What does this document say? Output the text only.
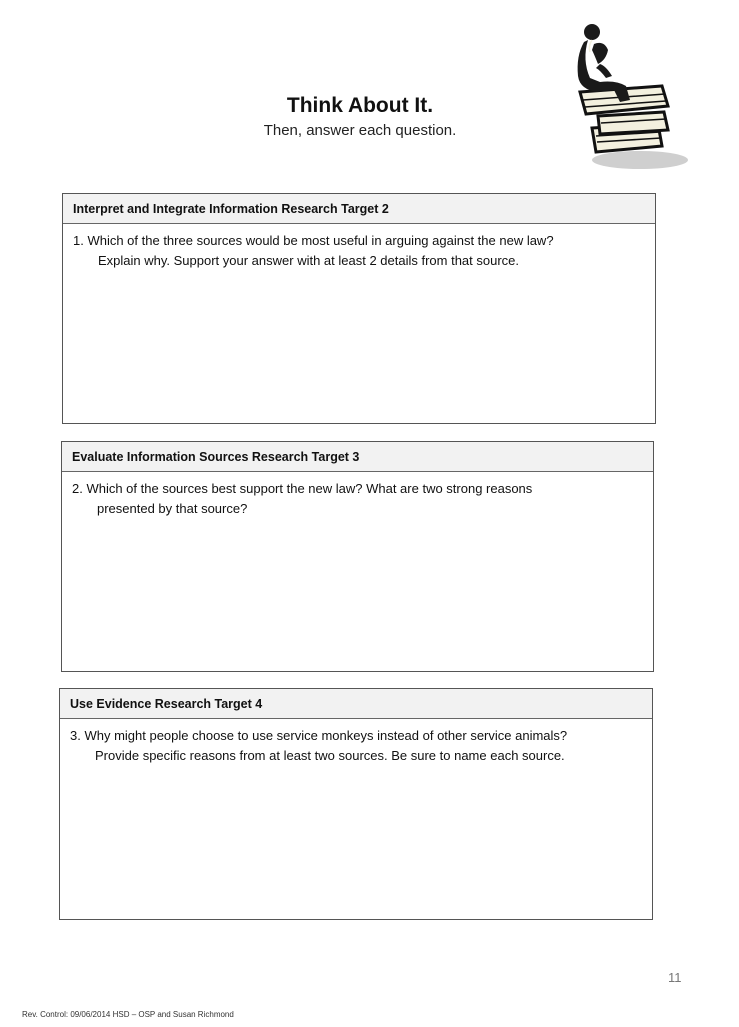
Think About It.
Then, answer each question.
Interpret and Integrate Information Research Target 2
1. Which of the three sources would be most useful in arguing against the new law?
Explain why. Support your answer with at least 2 details from that source.
Evaluate Information Sources Research Target 3
2. Which of the sources best support the new law? What are two strong reasons
presented by that source?
Use Evidence Research Target 4
3. Why might people choose to use service monkeys instead of other service animals?
Provide specific reasons from at least two sources. Be sure to name each source.
11
Rev. Control: 09/06/2014 HSD – OSP and Susan Richmond
